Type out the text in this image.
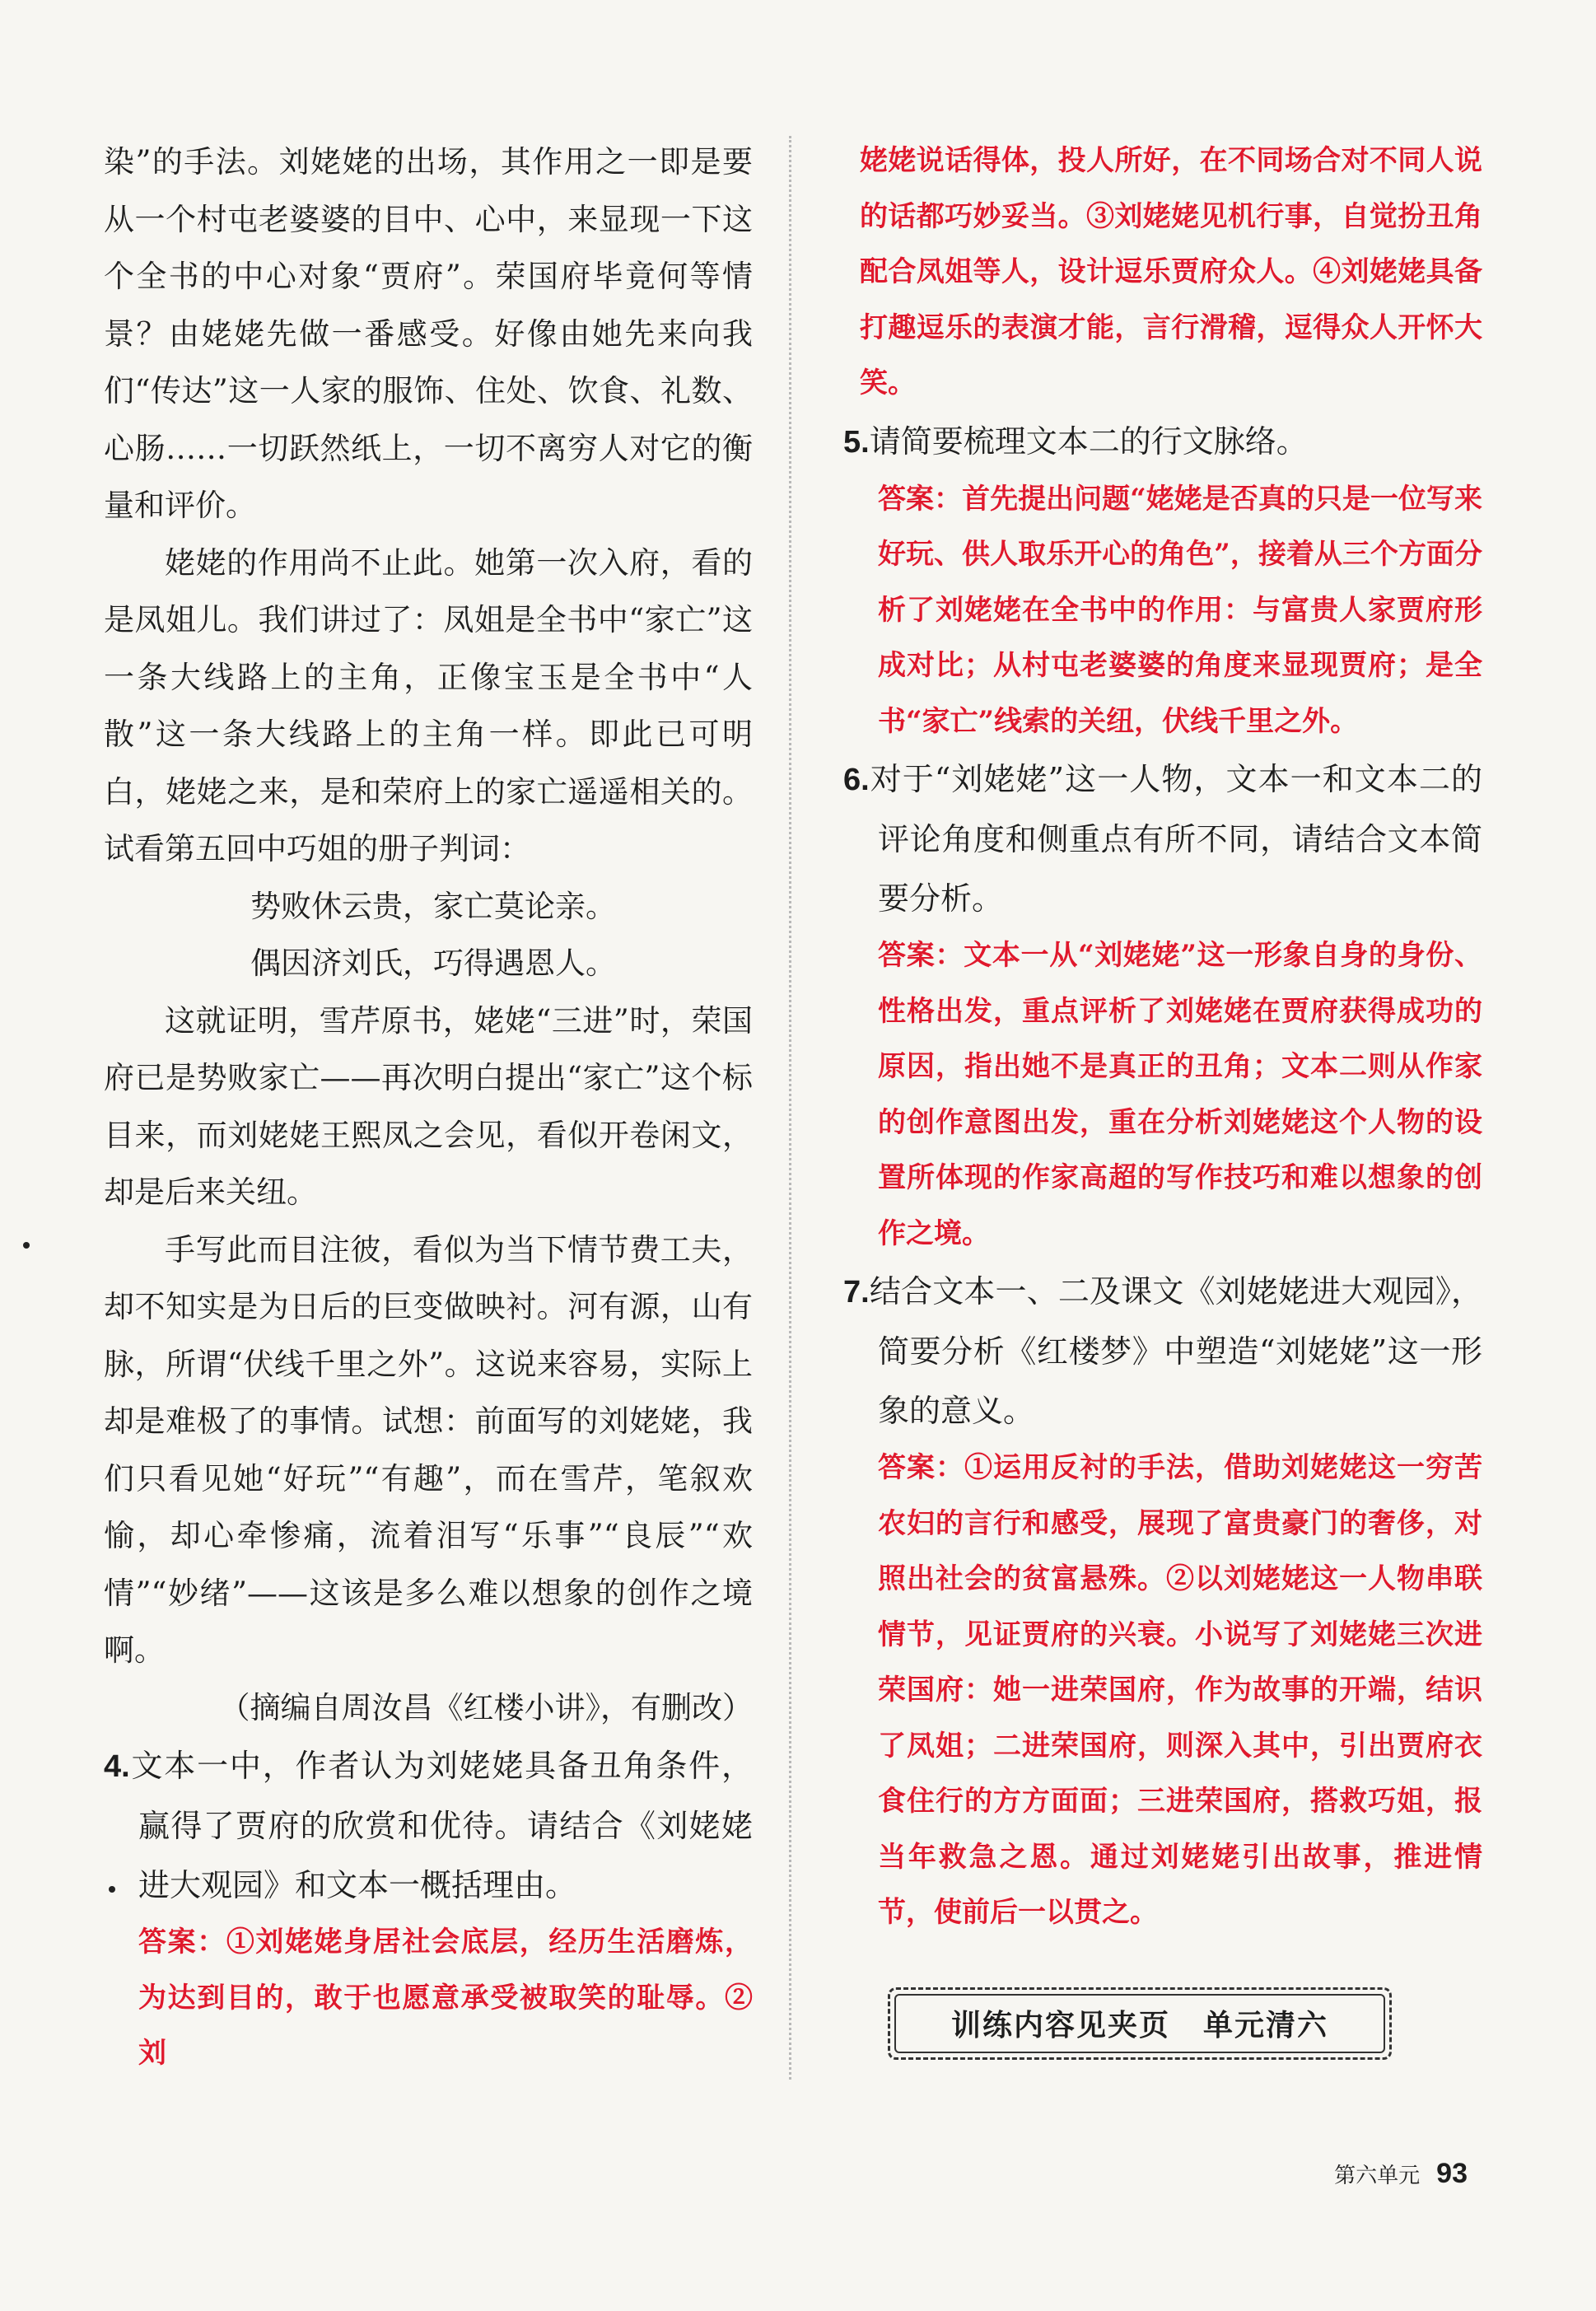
染”的手法。刘姥姥的出场，其作用之一即是要从一个村屯老婆婆的目中、心中，来显现一下这个全书的中心对象“贾府”。荣国府毕竟何等情景？由姥姥先做一番感受。好像由她先来向我们“传达”这一人家的服饰、住处、饮食、礼数、心肠……一切跃然纸上，一切不离穷人对它的衡量和评价。

姥姥的作用尚不止此。她第一次入府，看的是凤姐儿。我们讲过了：凤姐是全书中“家亡”这一条大线路上的主角，正像宝玉是全书中“人散”这一条大线路上的主角一样。即此已可明白，姥姥之来，是和荣府上的家亡遥遥相关的。试看第五回中巧姐的册子判词：

势败休云贵，家亡莫论亲。

偶因济刘氏，巧得遇恩人。

这就证明，雪芹原书，姥姥“三进”时，荣国府已是势败家亡——再次明白提出“家亡”这个标目来，而刘姥姥王熙凤之会见，看似开卷闲文，却是后来关纽。

手写此而目注彼，看似为当下情节费工夫，却不知实是为日后的巨变做映衬。河有源，山有脉，所谓“伏线千里之外”。这说来容易，实际上却是难极了的事情。试想：前面写的刘姥姥，我们只看见她“好玩”“有趣”，而在雪芹，笔叙欢愉，却心牵惨痛，流着泪写“乐事”“良辰”“欢情”“妙绪”——这该是多么难以想象的创作之境啊。

（摘编自周汝昌《红楼小讲》，有删改）

4.文本一中，作者认为刘姥姥具备丑角条件，赢得了贾府的欣赏和优待。请结合《刘姥姥进大观园》和文本一概括理由。

答案：①刘姥姥身居社会底层，经历生活磨炼，为达到目的，敢于也愿意承受被取笑的耻辱。②刘

姥姥说话得体，投人所好，在不同场合对不同人说的话都巧妙妥当。③刘姥姥见机行事，自觉扮丑角配合凤姐等人，设计逗乐贾府众人。④刘姥姥具备打趣逗乐的表演才能，言行滑稽，逗得众人开怀大笑。

5.请简要梳理文本二的行文脉络。

答案：首先提出问题“姥姥是否真的只是一位写来好玩、供人取乐开心的角色”，接着从三个方面分析了刘姥姥在全书中的作用：与富贵人家贾府形成对比；从村屯老婆婆的角度来显现贾府；是全书“家亡”线索的关纽，伏线千里之外。

6.对于“刘姥姥”这一人物，文本一和文本二的评论角度和侧重点有所不同，请结合文本简要分析。

答案：文本一从“刘姥姥”这一形象自身的身份、性格出发，重点评析了刘姥姥在贾府获得成功的原因，指出她不是真正的丑角；文本二则从作家的创作意图出发，重在分析刘姥姥这个人物的设置所体现的作家高超的写作技巧和难以想象的创作之境。

7.结合文本一、二及课文《刘姥姥进大观园》，简要分析《红楼梦》中塑造“刘姥姥”这一形象的意义。

答案：①运用反衬的手法，借助刘姥姥这一穷苦农妇的言行和感受，展现了富贵豪门的奢侈，对照出社会的贫富悬殊。②以刘姥姥这一人物串联情节，见证贾府的兴衰。小说写了刘姥姥三次进荣国府：她一进荣国府，作为故事的开端，结识了凤姐；二进荣国府，则深入其中，引出贾府衣食住行的方方面面；三进荣国府，搭救巧姐，报当年救急之恩。通过刘姥姥引出故事，推进情节，使前后一以贯之。

训练内容见夹页 单元清六
第六单元 93
